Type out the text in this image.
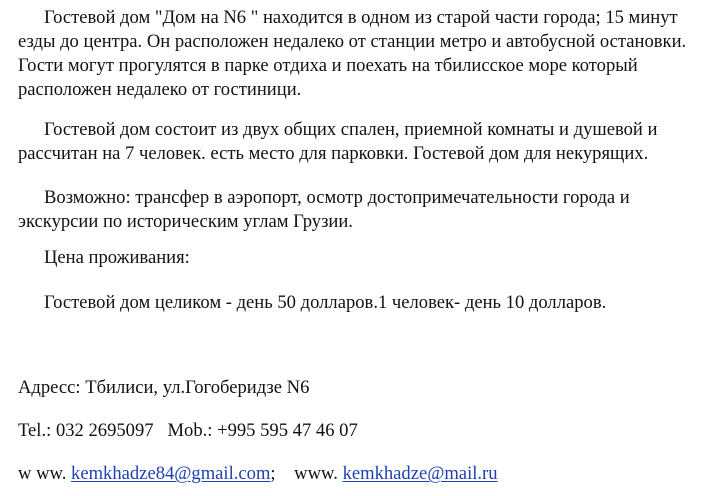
Гостевой дом "Дом на N6 " находится в одном из старой части города; 15 минут езды до центра. Он расположен недалеко от станции метро и автобусной остановки. Гости могут прогулятся в парке отдиха и поехать на тбилисское море который расположен недалеко от гостиници.

Гостевой дом состоит из двух общих спален, приемной комнаты и душевой и рассчитан на 7 человек. есть место для парковки. Гостевой дом для некурящих.

Возможно: трансфер в аэропорт, осмотр достопримечательности города и экскурсии по историческим углам Грузии.

Цена проживания:

Гостевой дом целиком - день 50 долларов.1 человек- день 10 долларов.

Адресс: Тбилиси, ул.Гогоберидзе N6

Tel.: 032 2695097   Mob.: +995 595 47 46 07

w ww. kemkhadze84@gmail.com;    www. kemkhadze@mail.ru
